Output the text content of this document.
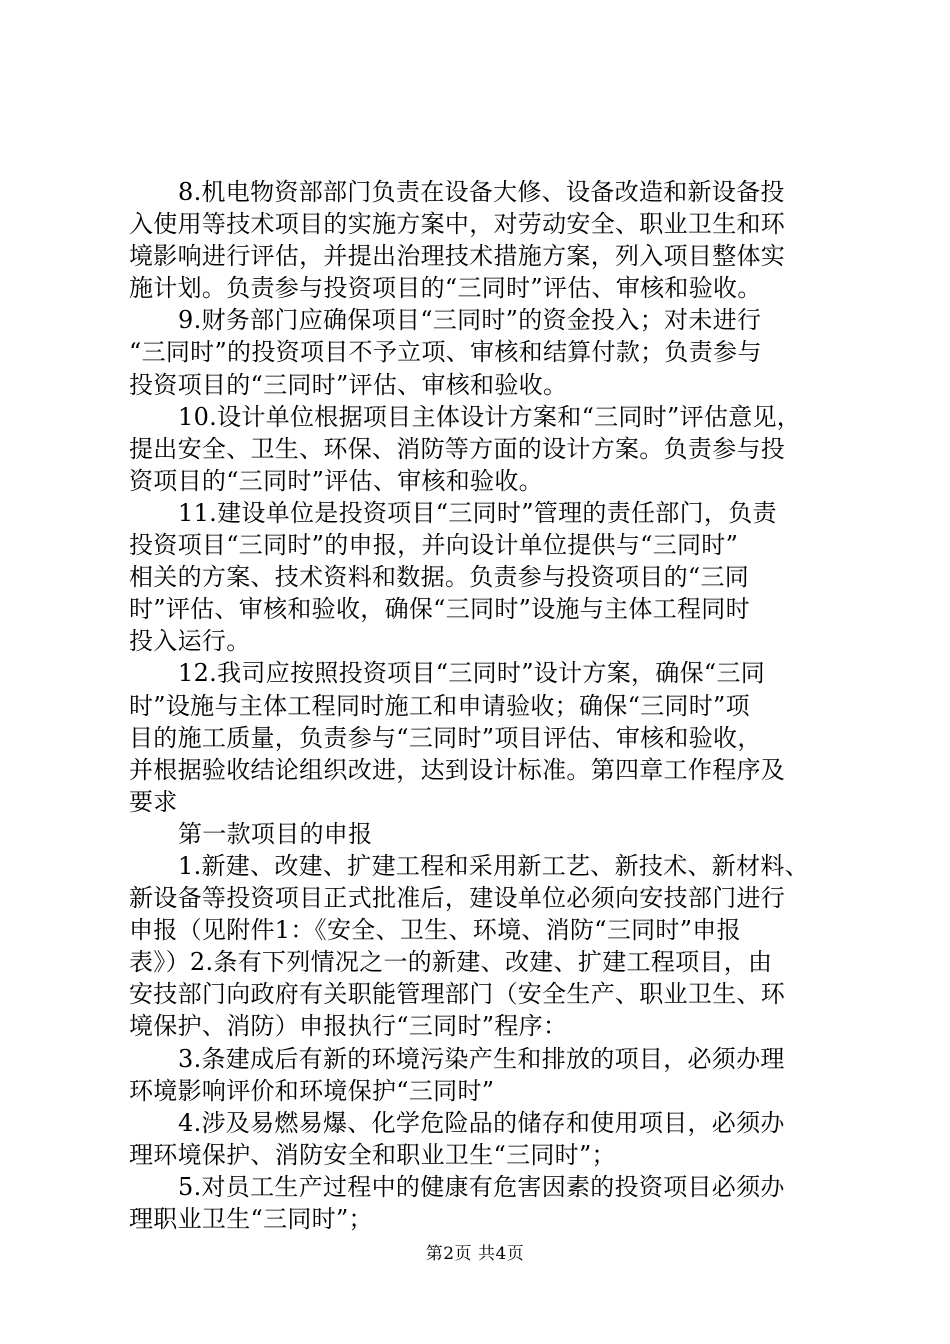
8.机电物资部部门负责在设备大修、设备改造和新设备投
入使用等技术项目的实施方案中，对劳动安全、职业卫生和环
境影响进行评估，并提出治理技术措施方案，列入项目整体实
施计划。负责参与投资项目的“三同时”评估、审核和验收。
9.财务部门应确保项目“三同时”的资金投入；对未进行
“三同时”的投资项目不予立项、审核和结算付款；负责参与
投资项目的“三同时”评估、审核和验收。
10.设计单位根据项目主体设计方案和“三同时”评估意见，
提出安全、卫生、环保、消防等方面的设计方案。负责参与投
资项目的“三同时”评估、审核和验收。
11.建设单位是投资项目“三同时”管理的责任部门，负责
投资项目“三同时”的申报，并向设计单位提供与“三同时”
相关的方案、技术资料和数据。负责参与投资项目的“三同
时”评估、审核和验收，确保“三同时”设施与主体工程同时
投入运行。
12.我司应按照投资项目“三同时”设计方案，确保“三同
时”设施与主体工程同时施工和申请验收；确保“三同时”项
目的施工质量，负责参与“三同时”项目评估、审核和验收，
并根据验收结论组织改进，达到设计标准。第四章工作程序及
要求
第一款项目的申报
1.新建、改建、扩建工程和采用新工艺、新技术、新材料、
新设备等投资项目正式批准后，建设单位必须向安技部门进行
申报（见附件1：《安全、卫生、环境、消防“三同时”申报
表》）2.条有下列情况之一的新建、改建、扩建工程项目，由
安技部门向政府有关职能管理部门（安全生产、职业卫生、环
境保护、消防）申报执行“三同时”程序：
3.条建成后有新的环境污染产生和排放的项目，必须办理
环境影响评价和环境保护“三同时”
4.涉及易燃易爆、化学危险品的储存和使用项目，必须办
理环境保护、消防安全和职业卫生“三同时”；
5.对员工生产过程中的健康有危害因素的投资项目必须办
理职业卫生“三同时”；
第2页 共4页
